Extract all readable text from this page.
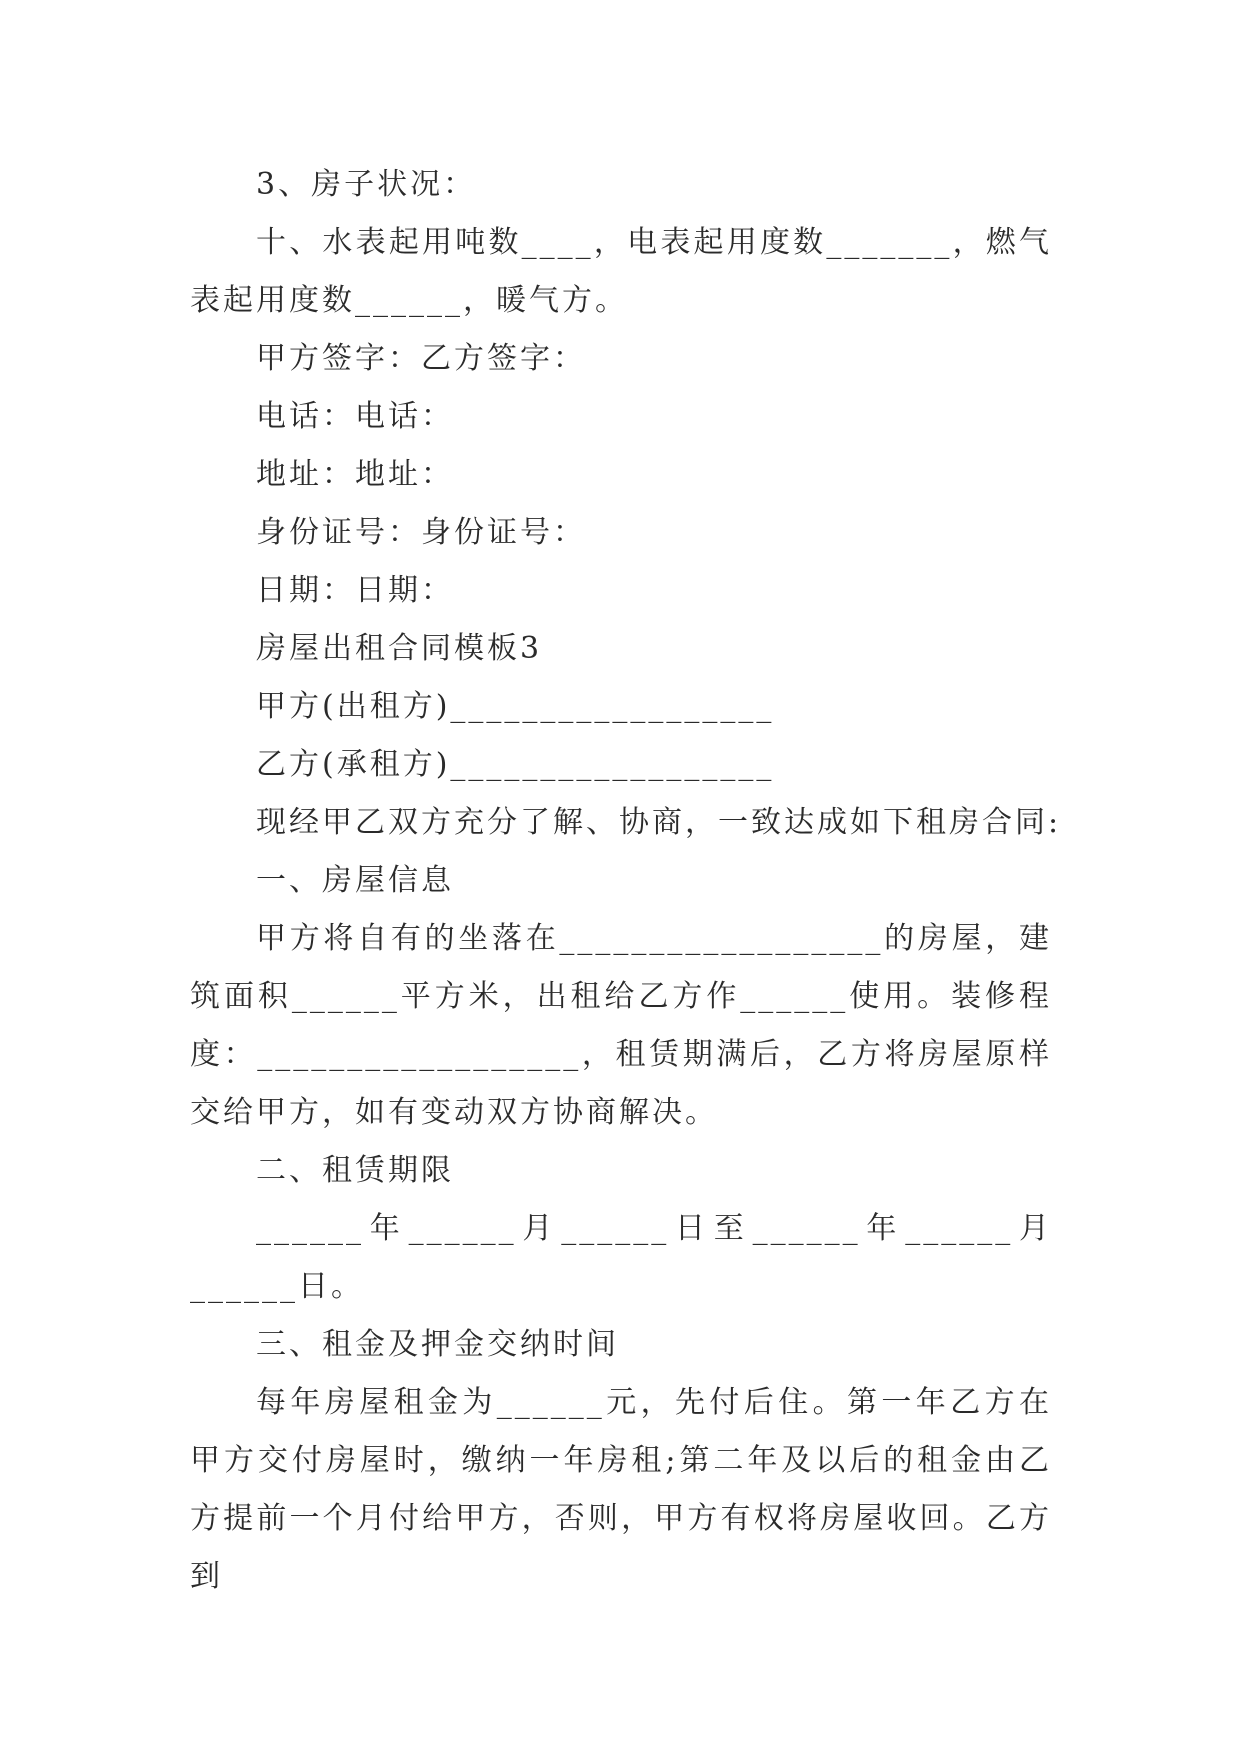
3、房子状况：

十、水表起用吨数____，电表起用度数_______，燃气表起用度数______，暖气方。

甲方签字：乙方签字：

电话：电话：

地址：地址：

身份证号：身份证号：

日期：日期：

房屋出租合同模板3

甲方(出租方)__________________

乙方(承租方)__________________

现经甲乙双方充分了解、协商，一致达成如下租房合同:

一、房屋信息

甲方将自有的坐落在__________________的房屋，建筑面积______平方米，出租给乙方作______使用。装修程度：__________________，租赁期满后，乙方将房屋原样交给甲方，如有变动双方协商解决。

二、租赁期限

______年______月______日至______年______月______日。

三、租金及押金交纳时间

每年房屋租金为______元，先付后住。第一年乙方在甲方交付房屋时，缴纳一年房租;第二年及以后的租金由乙方提前一个月付给甲方，否则，甲方有权将房屋收回。乙方到
